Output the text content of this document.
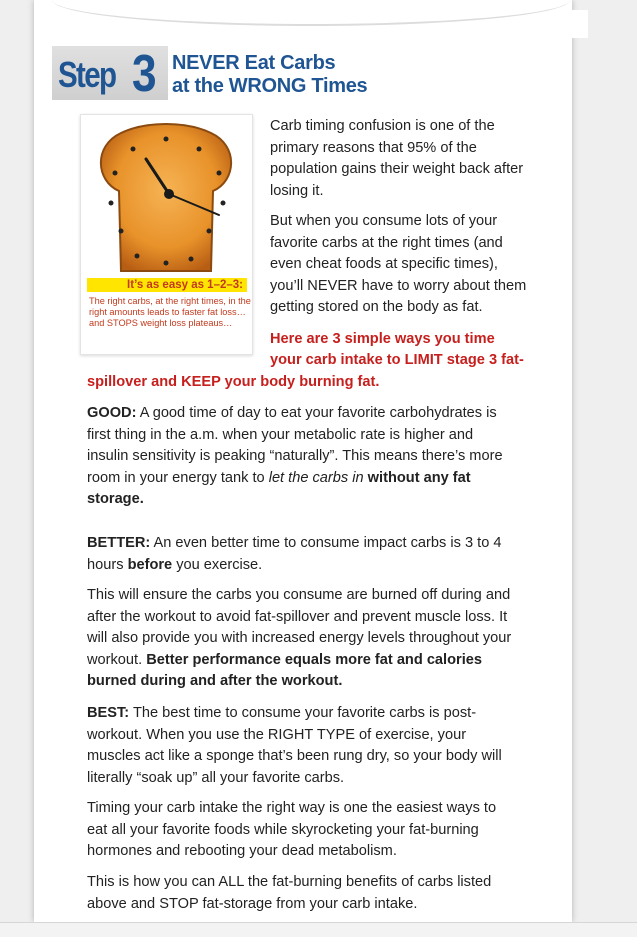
Step 3 NEVER Eat Carbs
at the WRONG Times
It’s as easy as 1–2–3:
The right carbs, at the right times, in the right amounts leads to faster fat loss… and STOPS weight loss plateaus…
Carb timing confusion is one of the
primary reasons that 95% of the
population gains their weight back after
losing it.
But when you consume lots of your
favorite carbs at the right times (and
even cheat foods at specific times),
you’ll NEVER have to worry about them
getting stored on the body as fat.
Here are 3 simple ways you time
your carb intake to LIMIT stage 3 fat-
spillover and KEEP your body burning fat.
GOOD: A good time of day to eat your favorite carbohydrates is
first thing in the a.m. when your metabolic rate is higher and
insulin sensitivity is peaking “naturally”. This means there’s more
room in your energy tank to let the carbs in without any fat
storage.
BETTER: An even better time to consume impact carbs is 3 to 4
hours before you exercise.
This will ensure the carbs you consume are burned off during and
after the workout to avoid fat-spillover and prevent muscle loss. It
will also provide you with increased energy levels throughout your
workout. Better performance equals more fat and calories
burned during and after the workout.
BEST: The best time to consume your favorite carbs is post-
workout. When you use the RIGHT TYPE of exercise, your
muscles act like a sponge that’s been rung dry, so your body will
literally “soak up” all your favorite carbs.
Timing your carb intake the right way is one the easiest ways to
eat all your favorite foods while skyrocketing your fat-burning
hormones and rebooting your dead metabolism.
This is how you can ALL the fat-burning benefits of carbs listed
above and STOP fat-storage from your carb intake.
